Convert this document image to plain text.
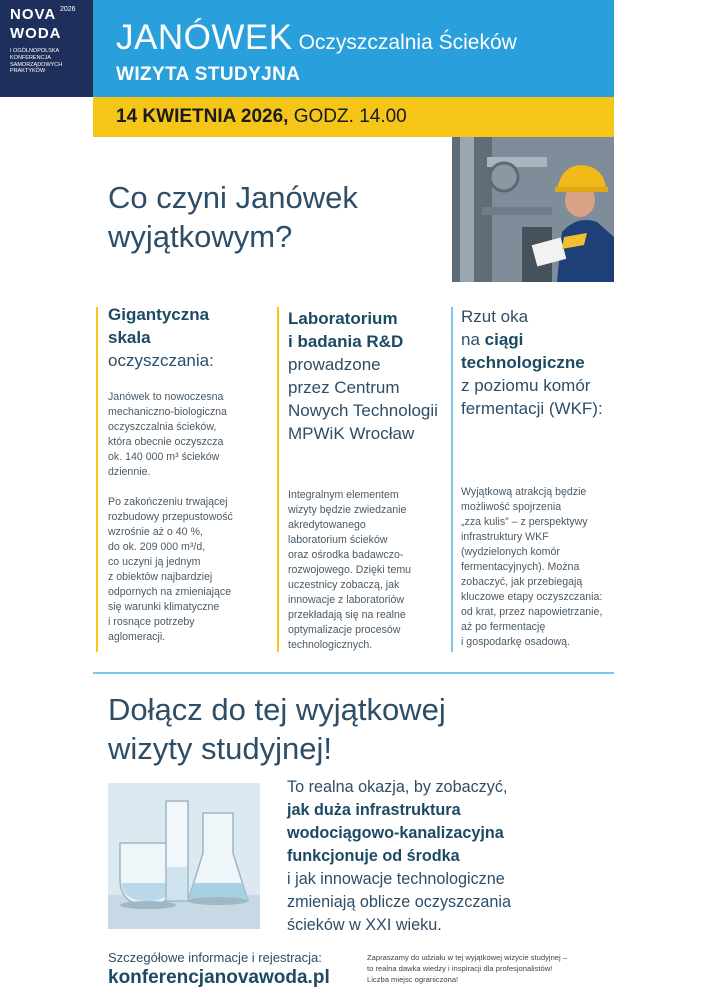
NOVA 2026
WODA
I OGÓLNOPOLSKA
KONFERENCJA
SAMORZĄDOWYCH
PRAKTYKÓW
JANÓWEK Oczyszczalnia Ścieków
WIZYTA STUDYJNA
14 KWIETNIA 2026, GODZ. 14.00
Co czyni Janówek
wyjątkowym?
Gigantyczna
skala
oczyszczania:
Janówek to nowoczesna
mechaniczno-biologiczna
oczyszczalnia ścieków,
która obecnie oczyszcza
ok. 140 000 m³ ścieków
dziennie.
Po zakończeniu trwającej
rozbudowy przepustowość
wzrośnie aż o 40 %,
do ok. 209 000 m³/d,
co uczyni ją jednym
z obiektów najbardziej
odpornych na zmieniające
się warunki klimatyczne
i rosnące potrzeby
aglomeracji.
Laboratorium
i badania R&D
prowadzone
przez Centrum
Nowych Technologii
MPWiK Wrocław
Integralnym elementem
wizyty będzie zwiedzanie
akredytowanego
laboratorium ścieków
oraz ośrodka badawczo-
rozwojowego. Dzięki temu
uczestnicy zobaczą, jak
innowacje z laboratoriów
przekładają się na realne
optymalizacje procesów
technologicznych.
Rzut oka
na ciągi
technologiczne
z poziomu komór
fermentacji (WKF):
Wyjątkową atrakcją będzie
możliwość spojrzenia
„zza kulis” – z perspektywy
infrastruktury WKF
(wydzielonych komór
fermentacyjnych). Można
zobaczyć, jak przebiegają
kluczowe etapy oczyszczania:
od krat, przez napowietrzanie,
aż po fermentację
i gospodarkę osadową.
Dołącz do tej wyjątkowej
wizyty studyjnej!
To realna okazja, by zobaczyć,
jak duża infrastruktura
wodociągowo-kanalizacyjna
funkcjonuje od środka
i jak innowacje technologiczne
zmieniają oblicze oczyszczania
ścieków w XXI wieku.
Szczegółowe informacje i rejestracja:
konferencjanovawoda.pl
Zapraszamy do udziału w tej wyjątkowej wizycie studyjnej –
to realna dawka wiedzy i inspiracji dla profesjonalistów!
Liczba miejsc ograniczona!
